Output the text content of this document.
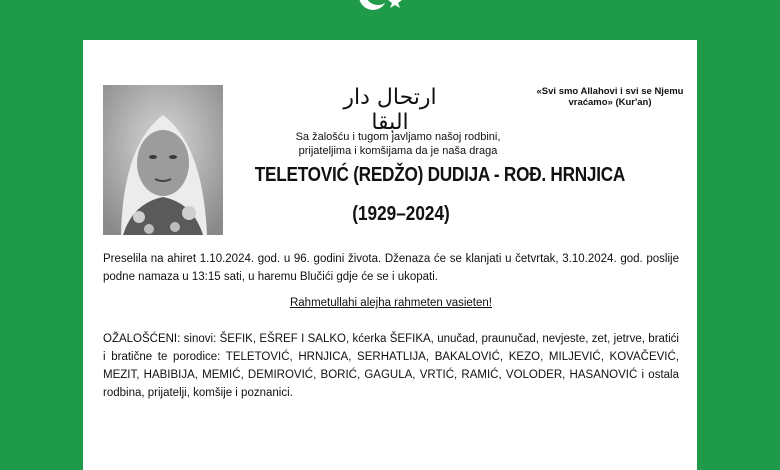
ارتحال دار البقا
«Svi smo Allahovi i svi se Njemu vraćamo» (Kur'an)
Sa žalošću i tugom javljamo našoj rodbini,
prijateljima i komšijama da je naša draga
TELETOVIĆ (REDŽO) DUDIJA - ROĐ. HRNJICA
(1929–2024)
Preselila na ahiret 1.10.2024. god. u 96. godini života. Dženaza će se klanjati u četvrtak, 3.10.2024. god. poslije podne namaza u 13:15 sati, u haremu Blučići gdje će se i ukopati.
Rahmetullahi alejha rahmeten vasieten!
OŽALOŠĆENI: sinovi: ŠEFIK, EŠREF I SALKO, kćerka ŠEFIKA, unučad, praunučad, nevjeste, zet, jetrve, bratići i bratične te porodice: TELETOVIĆ, HRNJICA, SERHATLIJA, BAKALOVIĆ, KEZO, MILJEVIĆ, KOVAČEVIĆ, MEZIT, HABIBIJA, MEMIĆ, DEMIROVIĆ, BORIĆ, GAGULA, VRTIĆ, RAMIĆ, VOLODER, HASANOVIĆ i ostala rodbina, prijatelji, komšije i poznanici.
